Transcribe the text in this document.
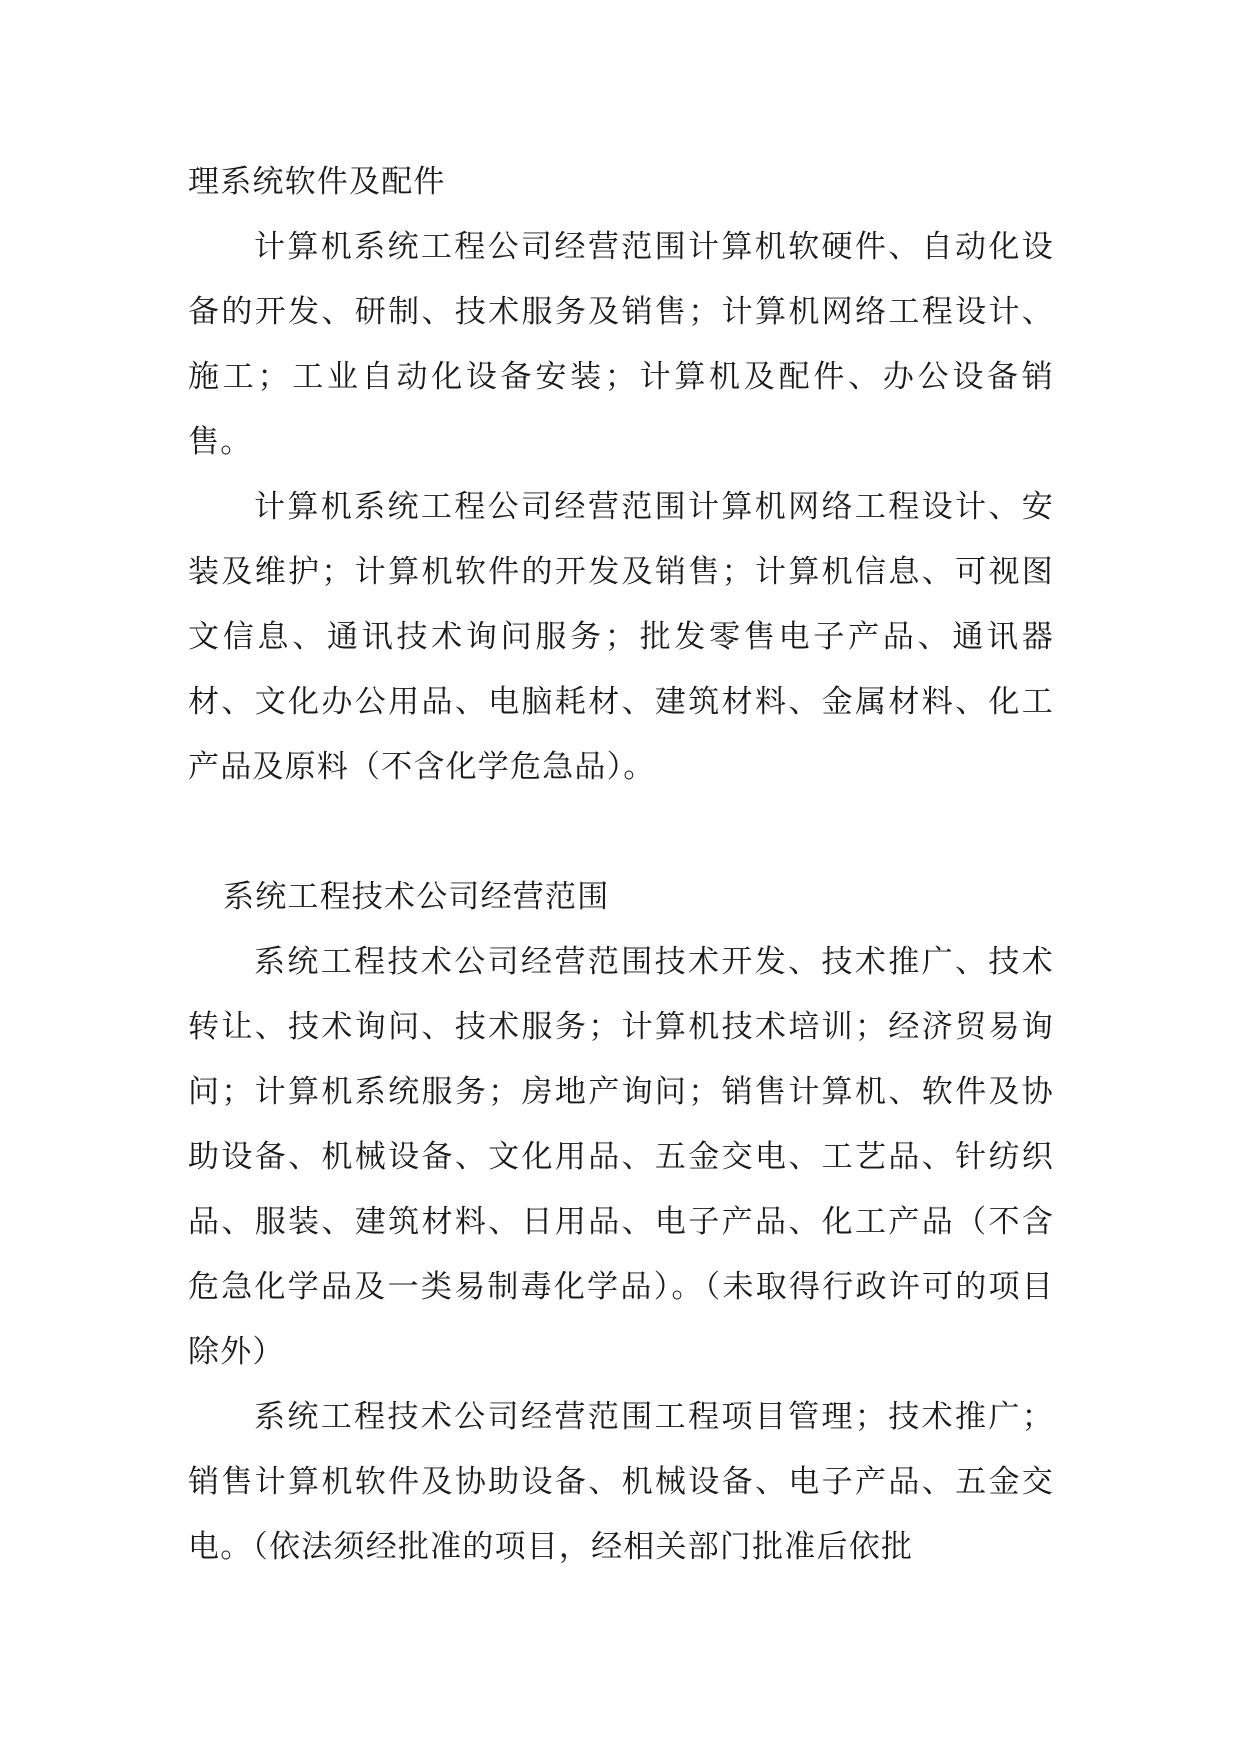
理系统软件及配件

计算机系统工程公司经营范围计算机软硬件、自动化设备的开发、研制、技术服务及销售；计算机网络工程设计、施工；工业自动化设备安装；计算机及配件、办公设备销售。

计算机系统工程公司经营范围计算机网络工程设计、安装及维护；计算机软件的开发及销售；计算机信息、可视图文信息、通讯技术询问服务；批发零售电子产品、通讯器材、文化办公用品、电脑耗材、建筑材料、金属材料、化工产品及原料（不含化学危急品）。

系统工程技术公司经营范围

系统工程技术公司经营范围技术开发、技术推广、技术转让、技术询问、技术服务；计算机技术培训；经济贸易询问；计算机系统服务；房地产询问；销售计算机、软件及协助设备、机械设备、文化用品、五金交电、工艺品、针纺织品、服装、建筑材料、日用品、电子产品、化工产品（不含危急化学品及一类易制毒化学品）。（未取得行政许可的项目除外）

系统工程技术公司经营范围工程项目管理；技术推广；销售计算机软件及协助设备、机械设备、电子产品、五金交电。（依法须经批准的项目，经相关部门批准后依批
